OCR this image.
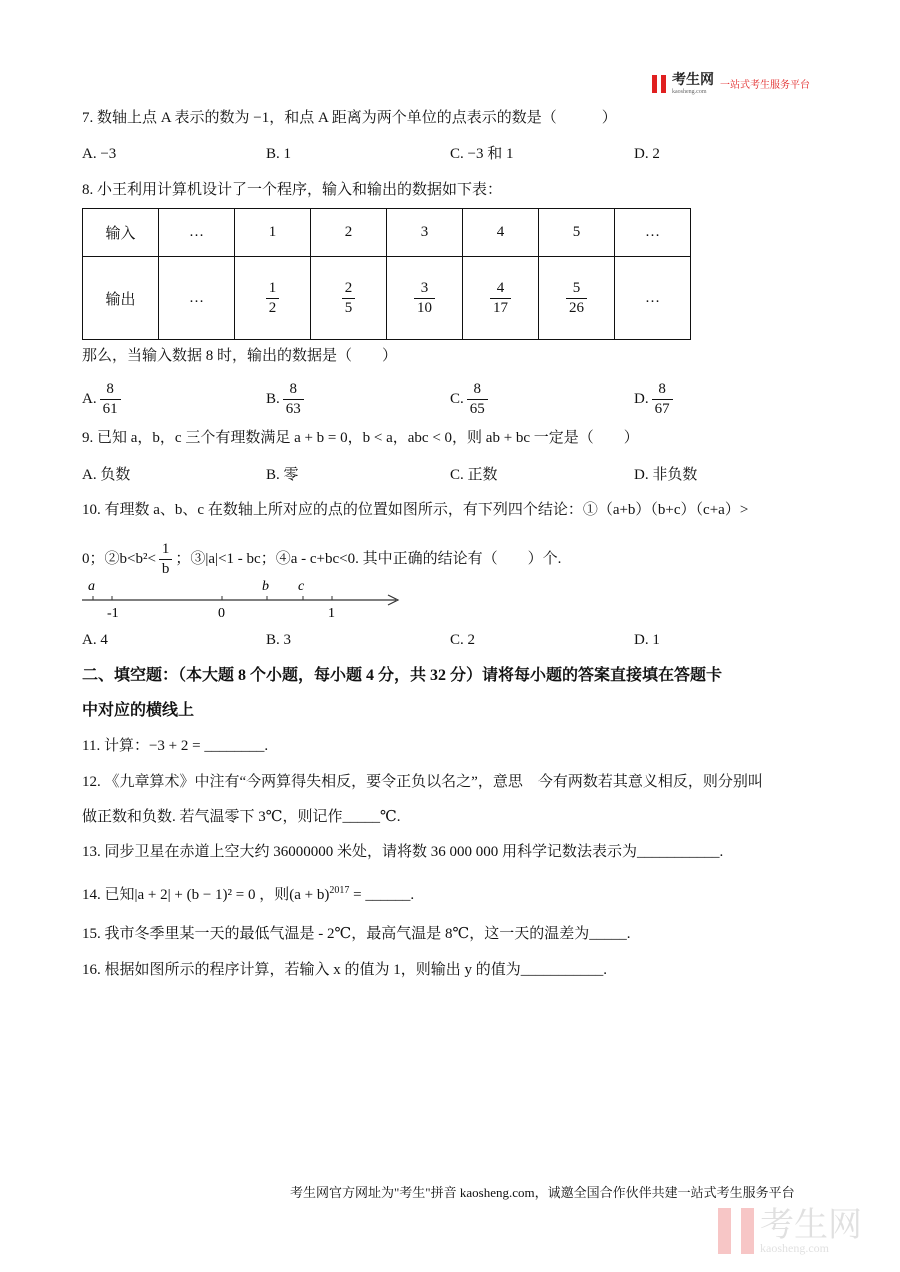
考生网
kaosheng.com
一站式考生服务平台
7. 数轴上点 A 表示的数为 −1，和点 A 距离为两个单位的点表示的数是（　　　）
A. −3	B. 1	C. −3 和 1	D. 2
8. 小王利用计算机设计了一个程序，输入和输出的数据如下表：
输入	…	1	2	3	4	5	…
输出	…	$\frac{1}{2}$	$\frac{2}{5}$	$\frac{3}{10}$	$\frac{4}{17}$	$\frac{5}{26}$	…
那么，当输入数据 8 时，输出的数据是（　　）
A. $\frac{8}{61}$	B. $\frac{8}{63}$	C. $\frac{8}{65}$	D. $\frac{8}{67}$
9. 已知 a，b，c 三个有理数满足 a + b = 0，b < a，abc < 0，则 ab + bc 一定是（　　）
A. 负数	B. 零	C. 正数	D. 非负数
10. 有理数 a、b、c 在数轴上所对应的点的位置如图所示，有下列四个结论：①（a+b）（b+c）（c+a）>
0；②b<b²< $\frac{1}{b}$ ；③|a|<1 - bc；④a - c+bc<0. 其中正确的结论有（　　）个.
a	b c
-1	0	1
A. 4	B. 3	C. 2	D. 1
二、填空题：（本大题 8 个小题，每小题 4 分，共 32 分）请将每小题的答案直接填在答题卡
中对应的横线上
11. 计算：−3 + 2 = ________.
12. 《九章算术》中注有“今两算得失相反，要令正负以名之”，意思　今有两数若其意义相反，则分别叫
做正数和负数. 若气温零下 3℃，则记作_____℃.
13. 同步卫星在赤道上空大约 36000000 米处，请将数 36 000 000 用科学记数法表示为___________.
14. 已知|a + 2| + (b − 1)² = 0 ，则$(a + b)^{2017}$ = ______.
15. 我市冬季里某一天的最低气温是 - 2℃，最高气温是 8℃，这一天的温差为_____.
16. 根据如图所示的程序计算，若输入 x 的值为 1，则输出 y 的值为___________.
考生网官方网址为"考生"拼音 kaosheng.com，诚邀全国合作伙伴共建一站式考生服务平台
考生网
kaosheng.com
